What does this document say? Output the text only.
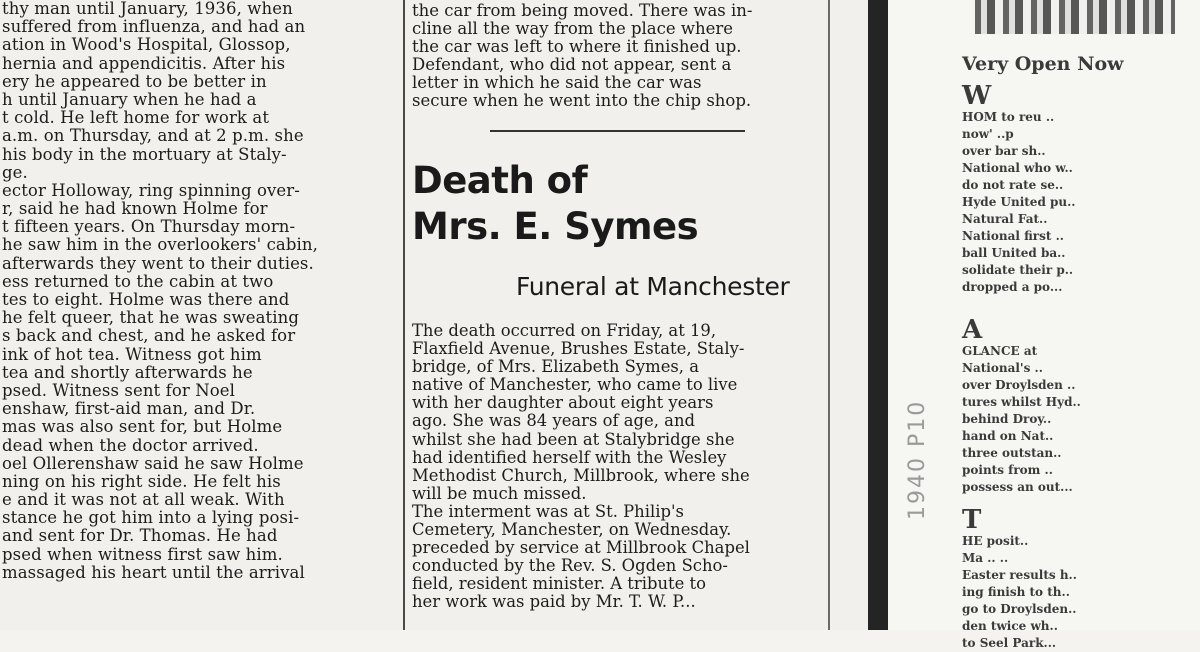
thy man until January, 1936, when
suffered from influenza, and had an
ation in Wood's Hospital, Glossop,
hernia and appendicitis. After his
ery he appeared to be better in
h until January when he had a
t cold. He left home for work at
a.m. on Thursday, and at 2 p.m. she
his body in the mortuary at Staly-
ge.
ector Holloway, ring spinning over-
r, said he had known Holme for
t fifteen years. On Thursday morn-
he saw him in the overlookers' cabin,
afterwards they went to their duties.
ess returned to the cabin at two
tes to eight. Holme was there and
he felt queer, that he was sweating
s back and chest, and he asked for
ink of hot tea. Witness got him
tea and shortly afterwards he
psed. Witness sent for Noel
enshaw, first-aid man, and Dr.
mas was also sent for, but Holme
dead when the doctor arrived.
oel Ollerenshaw said he saw Holme
ning on his right side. He felt his
e and it was not at all weak. With
stance he got him into a lying posi-
and sent for Dr. Thomas. He had
psed when witness first saw him.
massaged his heart until the arrival
the car from being moved. There was in-
cline all the way from the place where
the car was left to where it finished up.
Defendant, who did not appear, sent a
letter in which he said the car was
secure when he went into the chip shop.
Death of
Mrs. E. Symes
Funeral at Manchester
The death occurred on Friday, at 19,
Flaxfield Avenue, Brushes Estate, Staly-
bridge, of Mrs. Elizabeth Symes, a
native of Manchester, who came to live
with her daughter about eight years
ago. She was 84 years of age, and
whilst she had been at Stalybridge she
had identified herself with the Wesley
Methodist Church, Millbrook, where she
will be much missed.
The interment was at St. Philip's
Cemetery, Manchester, on Wednesday.
preceded by service at Millbrook Chapel
conducted by the Rev. S. Ogden Scho-
field, resident minister. A tribute to
her work was paid by Mr. T. W. P...
Very Open Now
W
HOM to reu ..
now' ..p
over bar sh..
National who w..
do not rate se..
Hyde United pu..
Natural Fat..
National first ..
ball United ba..
solidate their p..
dropped a po...
A
GLANCE at
National's ..
over Droylsden ..
tures whilst Hyd..
behind Droy..
hand on Nat..
three outstan..
points from ..
possess an out...
T
HE posit..
Ma .. ..
Easter results h..
ing finish to th..
go to Droylsden..
den twice wh..
to Seel Park...
1940 P10
